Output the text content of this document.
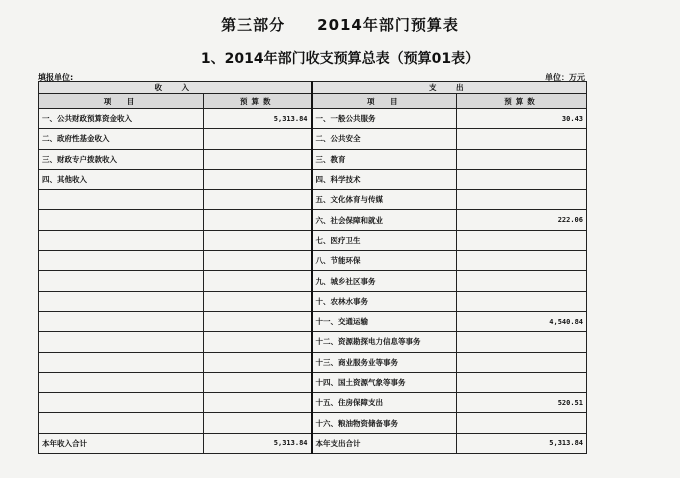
第三部分　　2014年部门预算表
1、2014年部门收支预算总表（预算01表）
填报单位:	单位：万元
收　入		支　出	
项　目	预算数	项　目	预算数
一、公共财政预算资金收入	5,313.84	一、一般公共服务	30.43
二、政府性基金收入		二、公共安全	
三、财政专户拨款收入		三、教育	
四、其他收入		四、科学技术	
		五、文化体育与传媒	
		六、社会保障和就业	222.06
		七、医疗卫生	
		八、节能环保	
		九、城乡社区事务	
		十、农林水事务	
		十一、交通运输	4,540.84
		十二、资源勘探电力信息等事务	
		十三、商业服务业等事务	
		十四、国土资源气象等事务	
		十五、住房保障支出	520.51
		十六、粮油物资储备事务	
本年收入合计	5,313.84	本年支出合计	5,313.84
